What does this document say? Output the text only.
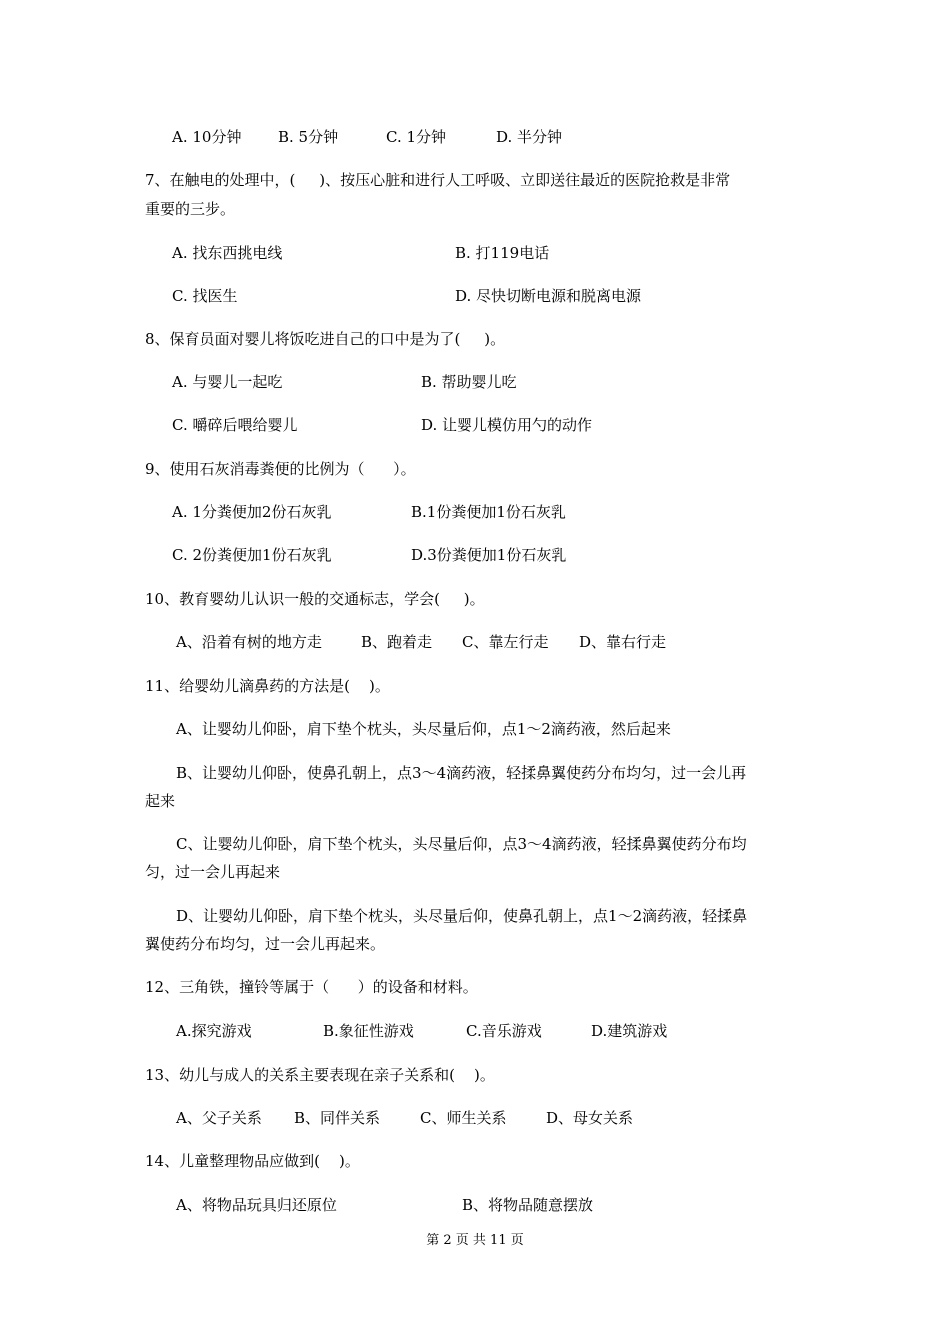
A. 10分钟 B. 5分钟	C. 1分钟	D. 半分钟
7、在触电的处理中，(     )、按压心脏和进行人工呼吸、立即送往最近的医院抢救是非常
重要的三步。
A. 找东西挑电线	B. 打119电话
C. 找医生	D. 尽快切断电源和脱离电源
8、保育员面对婴儿将饭吃进自己的口中是为了(     )。
A. 与婴儿一起吃	B. 帮助婴儿吃
C. 嚼碎后喂给婴儿	D. 让婴儿模仿用勺的动作
9、使用石灰消毒粪便的比例为（      ）。
A. 1分粪便加2份石灰乳	B.1份粪便加1份石灰乳
C. 2份粪便加1份石灰乳	D.3份粪便加1份石灰乳
10、教育婴幼儿认识一般的交通标志，学会(     )。
A、沿着有树的地方走	B、跑着走 C、靠左行走 D、靠右行走
11、给婴幼儿滴鼻药的方法是(    )。
A、让婴幼儿仰卧，肩下垫个枕头，头尽量后仰，点1～2滴药液，然后起来
B、让婴幼儿仰卧，使鼻孔朝上，点3～4滴药液，轻揉鼻翼使药分布均匀，过一会儿再
起来
C、让婴幼儿仰卧，肩下垫个枕头，头尽量后仰，点3～4滴药液，轻揉鼻翼使药分布均
匀，过一会儿再起来
D、让婴幼儿仰卧，肩下垫个枕头，头尽量后仰，使鼻孔朝上，点1～2滴药液，轻揉鼻
翼使药分布均匀，过一会儿再起来。
12、三角铁，撞铃等属于（      ）的设备和材料。
A.探究游戏	B.象征性游戏	C.音乐游戏	D.建筑游戏
13、幼儿与成人的关系主要表现在亲子关系和(    )。
A、父子关系 B、同伴关系	C、师生关系	D、母女关系
14、儿童整理物品应做到(    )。
A、将物品玩具归还原位	B、将物品随意摆放
第 2 页 共 11 页
